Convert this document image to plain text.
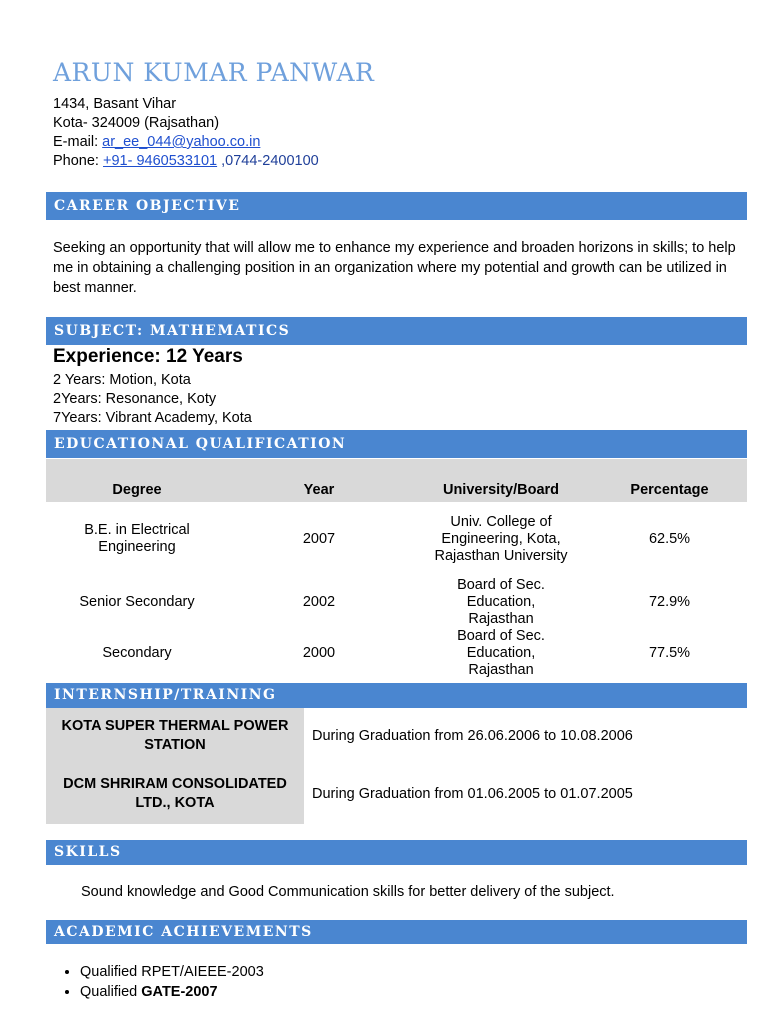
ARUN KUMAR PANWAR
1434, Basant Vihar
Kota- 324009 (Rajsathan)
E-mail: ar_ee_044@yahoo.co.in
Phone: +91- 9460533101 ,0744-2400100
CAREER OBJECTIVE
Seeking an opportunity that will allow me to enhance my experience and broaden horizons in skills; to help me in obtaining a challenging position in an organization where my potential and growth can be utilized in best manner.
SUBJECT: MATHEMATICS
Experience: 12 Years
2 Years: Motion, Kota
2Years: Resonance, Koty
7Years: Vibrant Academy, Kota
EDUCATIONAL QUALIFICATION
Degree	Year	University/Board	Percentage
B.E. in Electrical Engineering	2007	Univ. College of Engineering, Kota, Rajasthan University	62.5%
Senior Secondary	2002	Board of Sec. Education, Rajasthan	72.9%
Secondary	2000	Board of Sec. Education, Rajasthan	77.5%
INTERNSHIP/TRAINING
KOTA SUPER THERMAL POWER STATION	During Graduation from 26.06.2006 to 10.08.2006
DCM SHRIRAM CONSOLIDATED LTD., KOTA	During Graduation from 01.06.2005 to 01.07.2005
SKILLS
Sound knowledge and Good Communication skills for better delivery of the subject.
ACADEMIC ACHIEVEMENTS
• Qualified RPET/AIEEE-2003
• Qualified GATE-2007
